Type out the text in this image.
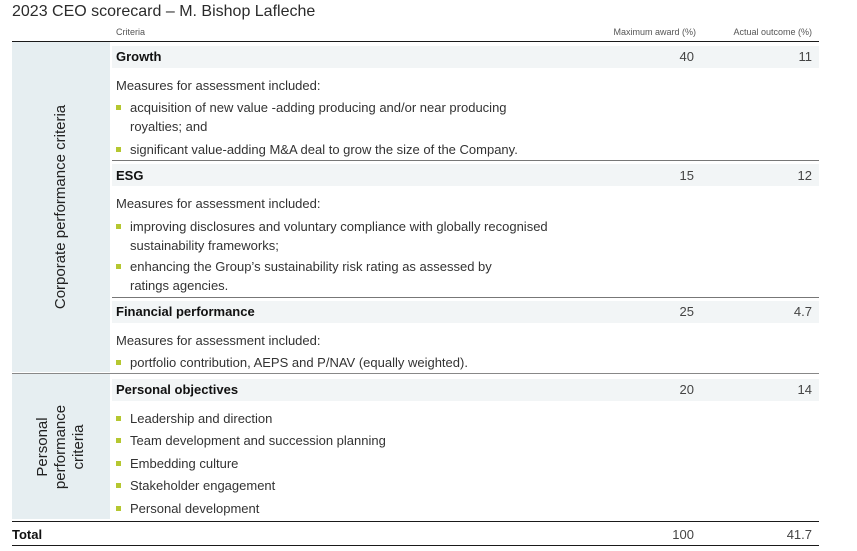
2023 CEO scorecard – M. Bishop Lafleche
Criteria	Maximum award (%)	Actual outcome (%)
Corporate performance criteria
Personal performance criteria
Growth	40	11
Measures for assessment included:
acquisition of new value -adding producing and/or near producing
royalties; and
significant value-adding M&A deal to grow the size of the Company.
ESG	15	12
Measures for assessment included:
improving disclosures and voluntary compliance with globally recognised
sustainability frameworks;
enhancing the Group’s sustainability risk rating as assessed by
ratings agencies.
Financial performance	25	4.7
Measures for assessment included:
portfolio contribution, AEPS and P/NAV (equally weighted).
Personal objectives	20	14
Leadership and direction
Team development and succession planning
Embedding culture
Stakeholder engagement
Personal development
Total	100	41.7
